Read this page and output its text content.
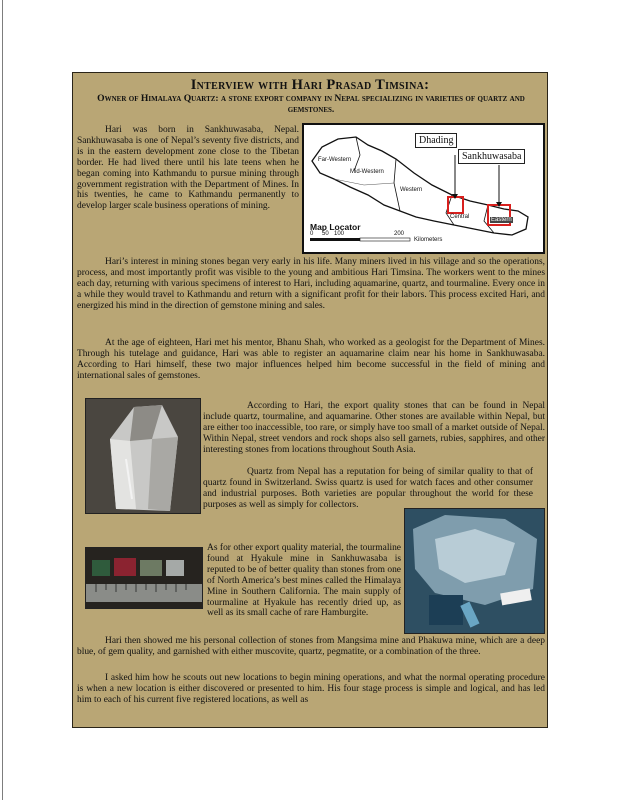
Interview with Hari Prasad Timsina:
Owner of Himalaya Quartz: a stone export company in Nepal specializing in varieties of quartz and gemstones.

Hari was born in Sankhuwasaba, Nepal. Sankhuwasaba is one of Nepal’s seventy five districts, and is in the eastern development zone close to the Tibetan border. He had lived there until his late teens when he began coming into Kathmandu to pursue mining through government registration with the Department of Mines. In his twenties, he came to Kathmandu permanently to develop larger scale business operations of mining.

Dhading
Sankhuwasaba
Far-Western
Mid-Western
Western
Central	Eastern
Map Locator
0 50 100	200
Kilometers

Hari’s interest in mining stones began very early in his life. Many miners lived in his village and so the operations, process, and most importantly profit was visible to the young and ambitious Hari Timsina. The workers went to the mines each day, returning with various specimens of interest to Hari, including aquamarine, quartz, and tourmaline. Every once in a while they would travel to Kathmandu and return with a significant profit for their labors. This process excited Hari, and energized his mind in the direction of gemstone mining and sales.

At the age of eighteen, Hari met his mentor, Bhanu Shah, who worked as a geologist for the Department of Mines. Through his tutelage and guidance, Hari was able to register an aquamarine claim near his home in Sankhuwasaba. According to Hari himself, these two major influences helped him become successful in the field of mining and international sales of gemstones.

According to Hari, the export quality stones that can be found in Nepal include quartz, tourmaline, and aquamarine. Other stones are available within Nepal, but are either too inaccessible, too rare, or simply have too small of a market outside of Nepal. Within Nepal, street vendors and rock shops also sell garnets, rubies, sapphires, and other interesting stones from locations throughout South Asia.

Quartz from Nepal has a reputation for being of similar quality to that of quartz found in Switzerland. Swiss quartz is used for watch faces and other consumer and industrial purposes. Both varieties are popular throughout the world for these purposes as well as simply for collectors.

As for other export quality material, the tourmaline found at Hyakule mine in Sankhuwasaba is reputed to be of better quality than stones from one of North America’s best mines called the Himalaya Mine in Southern California. The main supply of tourmaline at Hyakule has recently dried up, as well as its small cache of rare Hamburgite.

Hari then showed me his personal collection of stones from Mangsima mine and Phakuwa mine, which are a deep blue, of gem quality, and garnished with either muscovite, quartz, pegmatite, or a combination of the three.

I asked him how he scouts out new locations to begin mining operations, and what the normal operating procedure is when a new location is either discovered or presented to him. His four stage process is simple and logical, and has led him to each of his current five registered locations, as well as
